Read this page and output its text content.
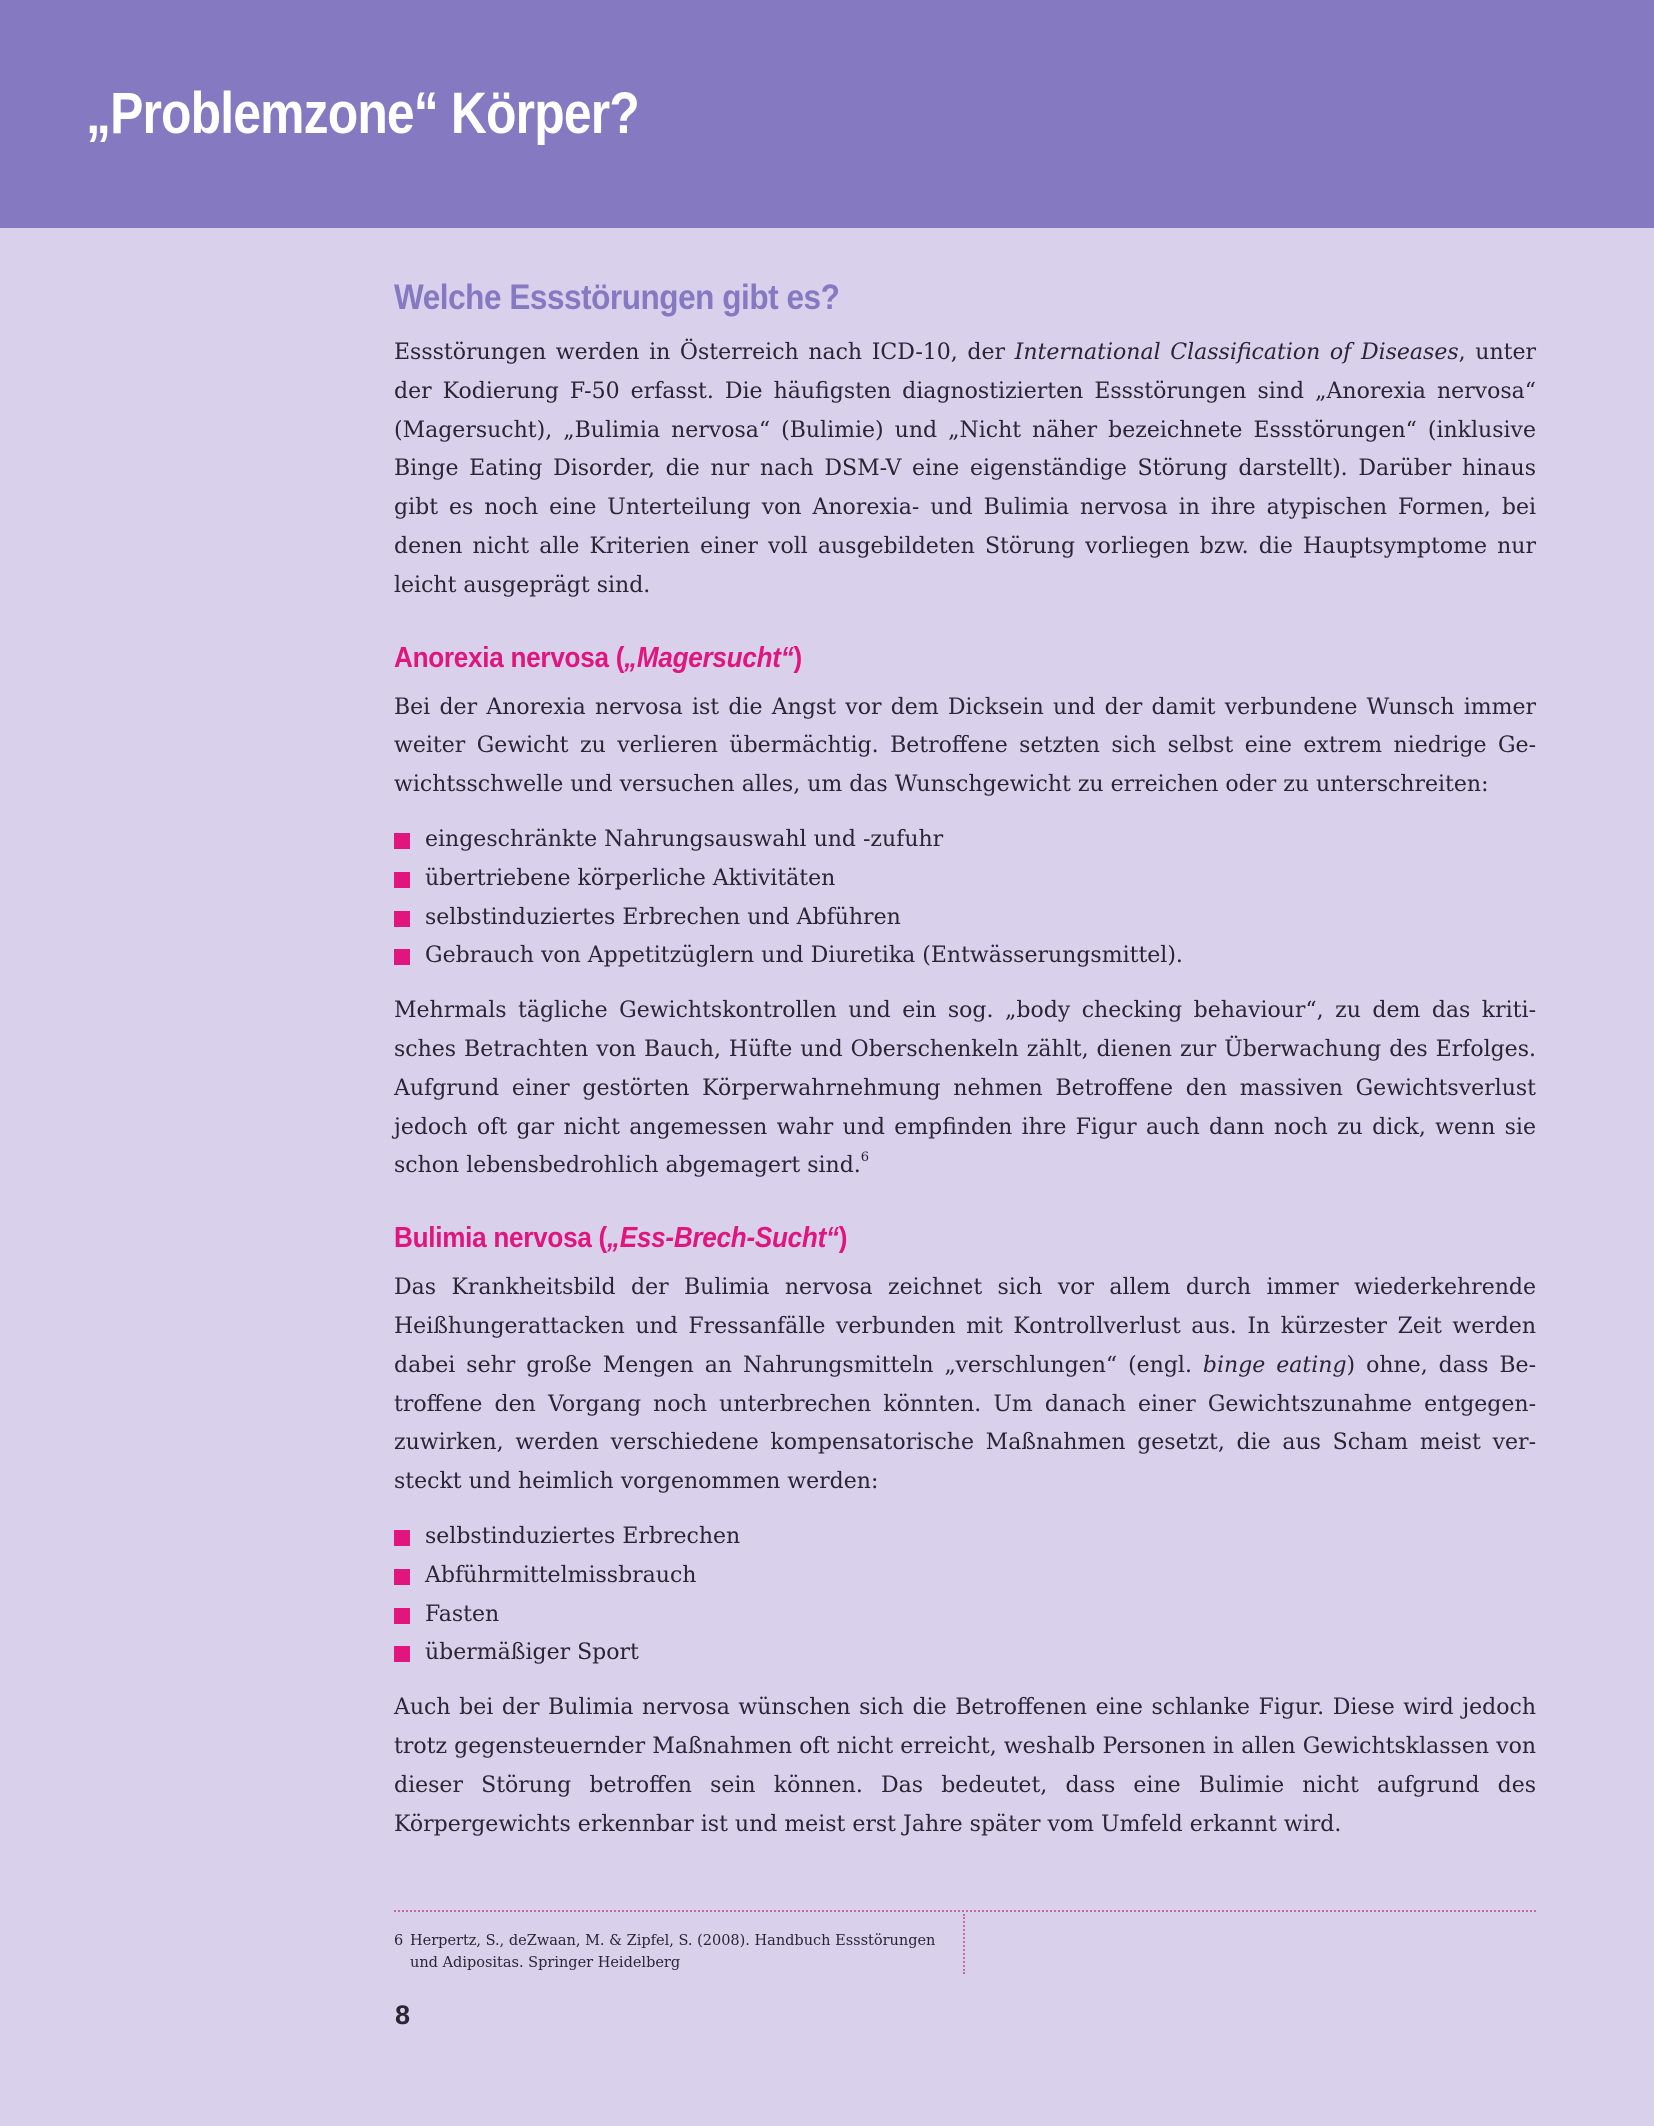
„Problemzone“ Körper?
Welche Essstörungen gibt es?

Essstörungen werden in Österreich nach ICD-10, der International Classification of Diseases, unter der Kodierung F-50 erfasst. Die häufigsten diagnostizierten Essstörungen sind „Anorexia nervosa“ (Magersucht), „Bulimia nervosa“ (Bulimie) und „Nicht näher bezeichnete Essstörungen“ (inklusive Binge Eating Disorder, die nur nach DSM-V eine eigenständige Störung darstellt). Darüber hinaus gibt es noch eine Unterteilung von Anorexia- und Bulimia nervosa in ihre atypischen Formen, bei denen nicht alle Kriterien einer voll ausgebildeten Störung vorliegen bzw. die Hauptsymptome nur leicht ausgeprägt sind.

Anorexia nervosa („Magersucht“)

Bei der Anorexia nervosa ist die Angst vor dem Dicksein und der damit verbundene Wunsch immer weiter Gewicht zu verlieren übermächtig. Betroffene setzten sich selbst eine extrem niedrige Gewichtsschwelle und versuchen alles, um das Wunschgewicht zu erreichen oder zu unterschreiten:

eingeschränkte Nahrungsauswahl und -zufuhr
übertriebene körperliche Aktivitäten
selbstinduziertes Erbrechen und Abführen
Gebrauch von Appetitzüglern und Diuretika (Entwässerungsmittel).

Mehrmals tägliche Gewichtskontrollen und ein sog. „body checking behaviour“, zu dem das kritisches Betrachten von Bauch, Hüfte und Oberschenkeln zählt, dienen zur Überwachung des Erfolges. Aufgrund einer gestörten Körperwahrnehmung nehmen Betroffene den massiven Gewichtsverlust jedoch oft gar nicht angemessen wahr und empfinden ihre Figur auch dann noch zu dick, wenn sie schon lebensbedrohlich abgemagert sind.$^6$

Bulimia nervosa („Ess-Brech-Sucht“)

Das Krankheitsbild der Bulimia nervosa zeichnet sich vor allem durch immer wiederkehrende Heißhungerattacken und Fressanfälle verbunden mit Kontrollverlust aus. In kürzester Zeit werden dabei sehr große Mengen an Nahrungsmitteln „verschlungen“ (engl. binge eating) ohne, dass Betroffene den Vorgang noch unterbrechen könnten. Um danach einer Gewichtszunahme entgegenzuwirken, werden verschiedene kompensatorische Maßnahmen gesetzt, die aus Scham meist versteckt und heimlich vorgenommen werden:

selbstinduziertes Erbrechen
Abführmittelmissbrauch
Fasten
übermäßiger Sport

Auch bei der Bulimia nervosa wünschen sich die Betroffenen eine schlanke Figur. Diese wird jedoch trotz gegensteuernder Maßnahmen oft nicht erreicht, weshalb Personen in allen Gewichtsklassen von dieser Störung betroffen sein können. Das bedeutet, dass eine Bulimie nicht aufgrund des Körpergewichts erkennbar ist und meist erst Jahre später vom Umfeld erkannt wird.

6 Herpertz, S., deZwaan, M. & Zipfel, S. (2008). Handbuch Essstörungen
und Adipositas. Springer Heidelberg
8
